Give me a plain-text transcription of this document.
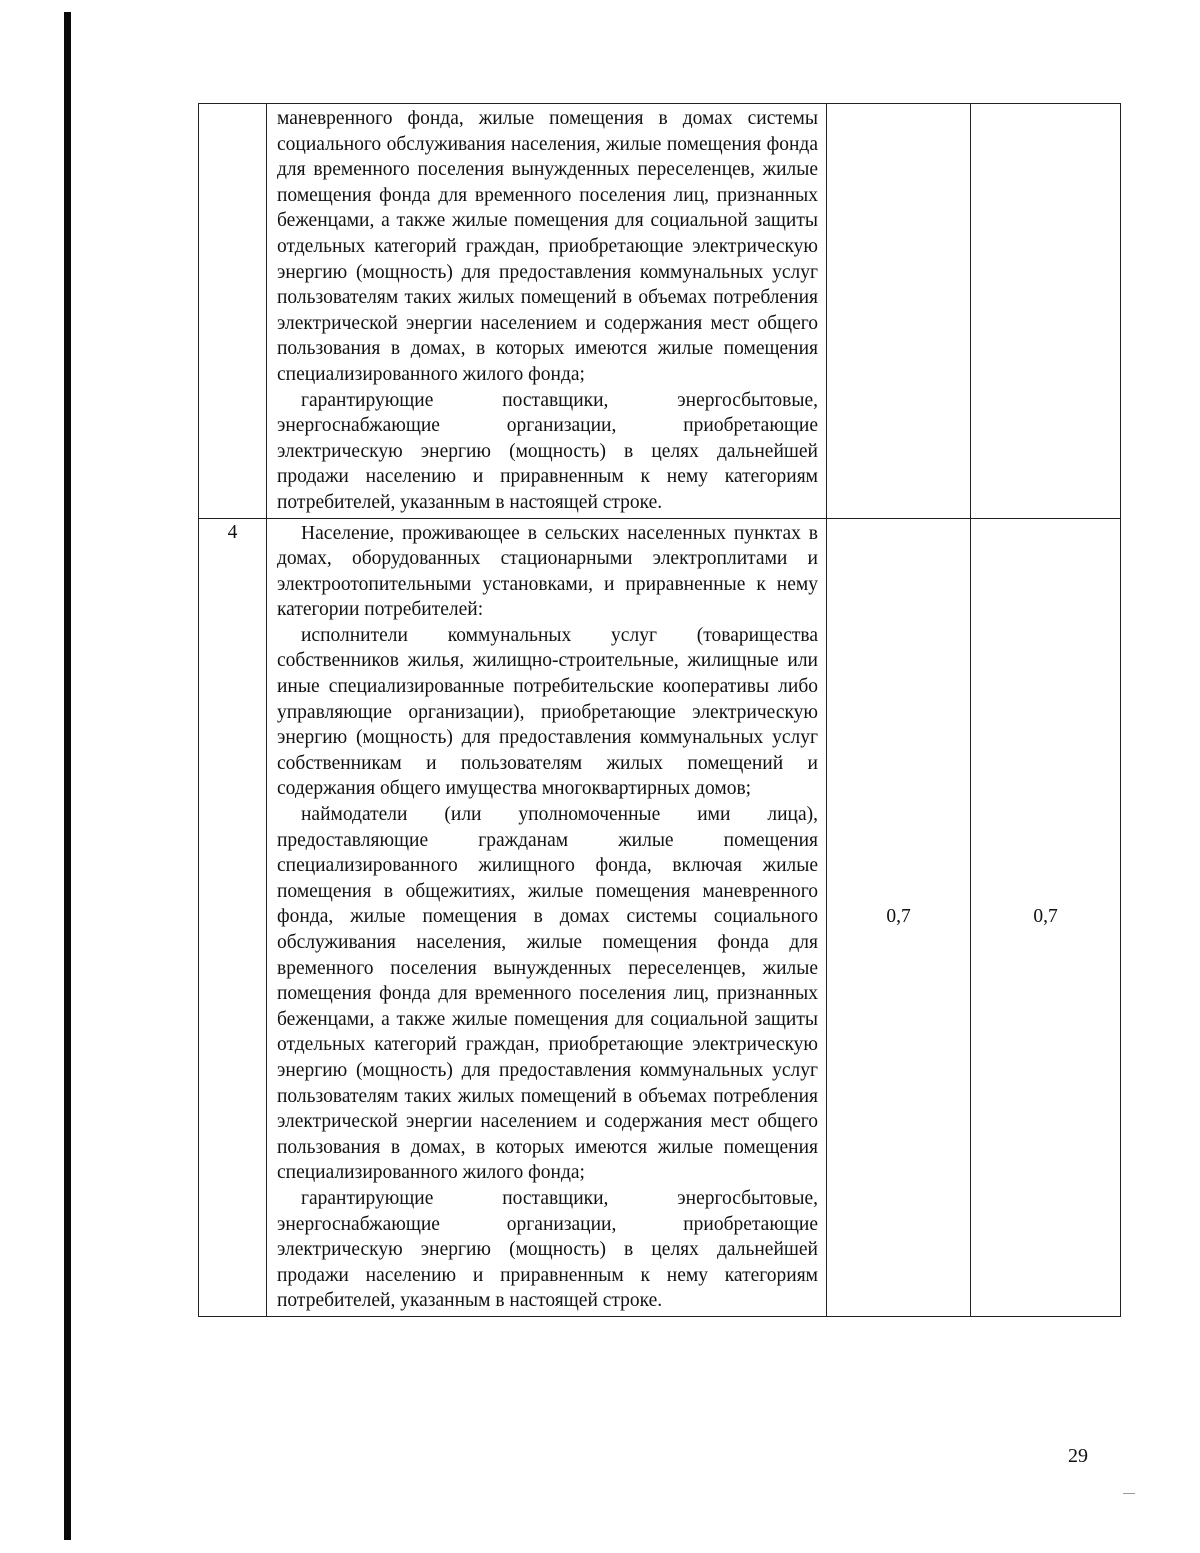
	маневренного фонда, жилые помещения в домах системы социального обслуживания населения, жилые помещения фонда для временного поселения вынужденных переселенцев, жилые помещения фонда для временного поселения лиц, признанных беженцами, а также жилые помещения для социальной защиты отдельных категорий граждан, приобретающие электрическую энергию (мощность) для предоставления коммунальных услуг пользователям таких жилых помещений в объемах потребления электрической энергии населением и содержания мест общего пользования в домах, в которых имеются жилые помещения специализированного жилого фонда;

гарантирующие поставщики, энергосбытовые, энергоснабжающие организации, приобретающие электрическую энергию (мощность) в целях дальнейшей продажи населению и приравненным к нему категориям потребителей, указанным в настоящей строке.		

4	Население, проживающее в сельских населенных пунктах в домах, оборудованных стационарными электроплитами и электроотопительными установками, и приравненные к нему категории потребителей:

исполнители коммунальных услуг (товарищества собственников жилья, жилищно-строительные, жилищные или иные специализированные потребительские кооперативы либо управляющие организации), приобретающие электрическую энергию (мощность) для предоставления коммунальных услуг собственникам и пользователям жилых помещений и содержания общего имущества многоквартирных домов;

наймодатели (или уполномоченные ими лица), предоставляющие гражданам жилые помещения специализированного жилищного фонда, включая жилые помещения в общежитиях, жилые помещения маневренного фонда, жилые помещения в домах системы социального обслуживания населения, жилые помещения фонда для временного поселения вынужденных переселенцев, жилые помещения фонда для временного поселения лиц, признанных беженцами, а также жилые помещения для социальной защиты отдельных категорий граждан, приобретающие электрическую энергию (мощность) для предоставления коммунальных услуг пользователям таких жилых помещений в объемах потребления электрической энергии населением и содержания мест общего пользования в домах, в которых имеются жилые помещения специализированного жилого фонда;

гарантирующие поставщики, энергосбытовые, энергоснабжающие организации, приобретающие электрическую энергию (мощность) в целях дальнейшей продажи населению и приравненным к нему категориям потребителей, указанным в настоящей строке.	0,7	0,7
29
